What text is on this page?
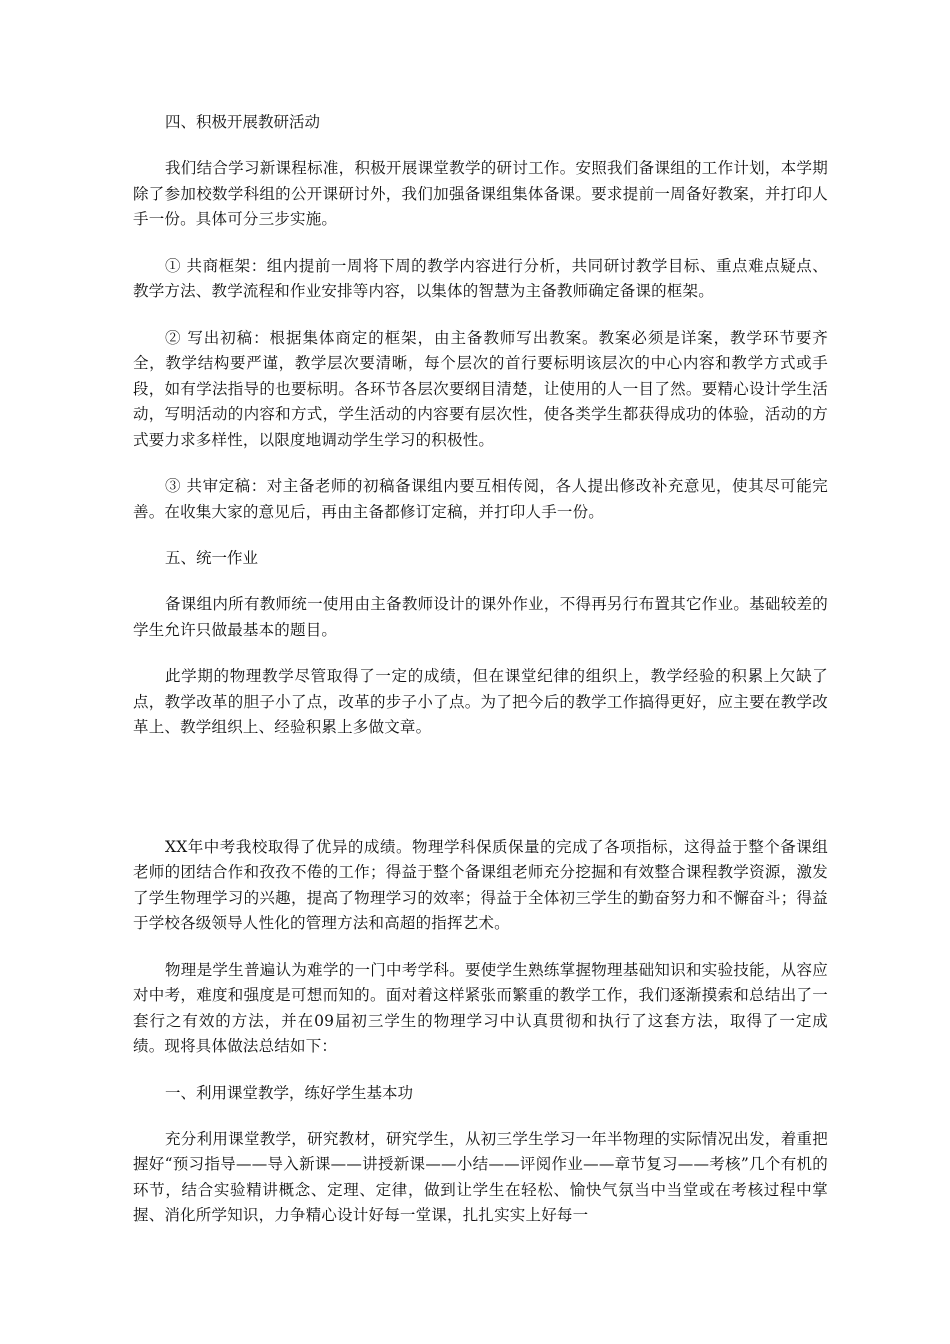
四、积极开展教研活动

我们结合学习新课程标准，积极开展课堂教学的研讨工作。安照我们备课组的工作计划，本学期除了参加校数学科组的公开课研讨外，我们加强备课组集体备课。要求提前一周备好教案，并打印人手一份。具体可分三步实施。

① 共商框架：组内提前一周将下周的教学内容进行分析，共同研讨教学目标、重点难点疑点、教学方法、教学流程和作业安排等内容，以集体的智慧为主备教师确定备课的框架。

② 写出初稿：根据集体商定的框架，由主备教师写出教案。教案必须是详案，教学环节要齐全，教学结构要严谨，教学层次要清晰，每个层次的首行要标明该层次的中心内容和教学方式或手段，如有学法指导的也要标明。各环节各层次要纲目清楚，让使用的人一目了然。要精心设计学生活动，写明活动的内容和方式，学生活动的内容要有层次性，使各类学生都获得成功的体验，活动的方式要力求多样性，以限度地调动学生学习的积极性。

③ 共审定稿：对主备老师的初稿备课组内要互相传阅，各人提出修改补充意见，使其尽可能完善。在收集大家的意见后，再由主备都修订定稿，并打印人手一份。

五、统一作业

备课组内所有教师统一使用由主备教师设计的课外作业，不得再另行布置其它作业。基础较差的学生允许只做最基本的题目。

此学期的物理教学尽管取得了一定的成绩，但在课堂纪律的组织上，教学经验的积累上欠缺了点，教学改革的胆子小了点，改革的步子小了点。为了把今后的教学工作搞得更好，应主要在教学改革上、教学组织上、经验积累上多做文章。

XX年中考我校取得了优异的成绩。物理学科保质保量的完成了各项指标，这得益于整个备课组老师的团结合作和孜孜不倦的工作；得益于整个备课组老师充分挖掘和有效整合课程教学资源，激发了学生物理学习的兴趣，提高了物理学习的效率；得益于全体初三学生的勤奋努力和不懈奋斗；得益于学校各级领导人性化的管理方法和高超的指挥艺术。

物理是学生普遍认为难学的一门中考学科。要使学生熟练掌握物理基础知识和实验技能，从容应对中考，难度和强度是可想而知的。面对着这样紧张而繁重的教学工作，我们逐渐摸索和总结出了一套行之有效的方法，并在09届初三学生的物理学习中认真贯彻和执行了这套方法，取得了一定成绩。现将具体做法总结如下：

一、利用课堂教学，练好学生基本功

充分利用课堂教学，研究教材，研究学生，从初三学生学习一年半物理的实际情况出发，着重把握好“预习指导——导入新课——讲授新课——小结——评阅作业——章节复习——考核”几个有机的环节，结合实验精讲概念、定理、定律，做到让学生在轻松、愉快气氛当中当堂或在考核过程中掌握、消化所学知识，力争精心设计好每一堂课，扎扎实实上好每一
